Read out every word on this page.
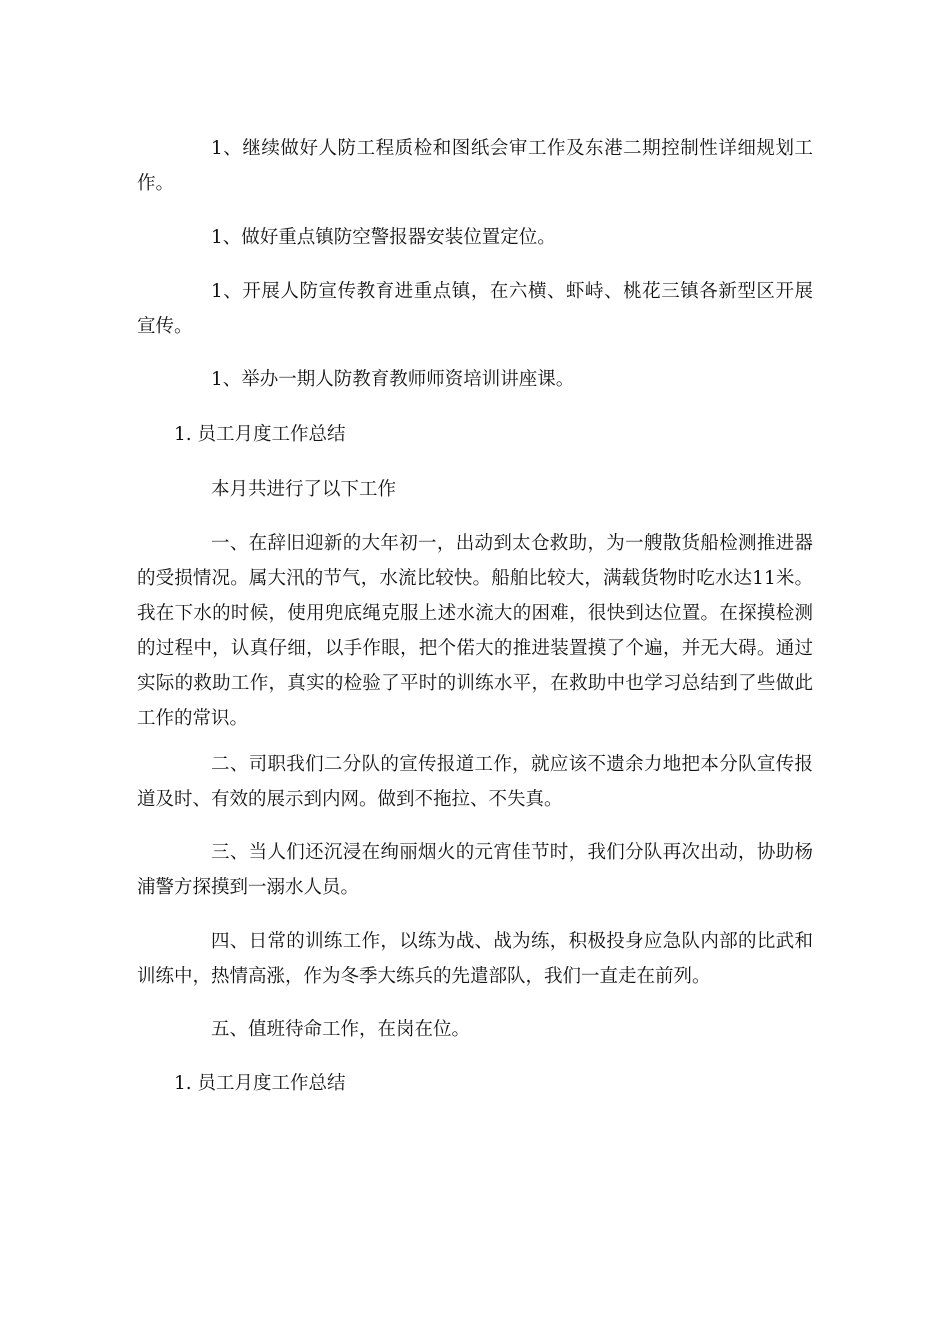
1、继续做好人防工程质检和图纸会审工作及东港二期控制性详细规划工作。

1、做好重点镇防空警报器安装位置定位。

1、开展人防宣传教育进重点镇，在六横、虾峙、桃花三镇各新型区开展宣传。

1、举办一期人防教育教师师资培训讲座课。

1. 员工月度工作总结

本月共进行了以下工作

一、在辞旧迎新的大年初一，出动到太仓救助，为一艘散货船检测推进器的受损情况。属大汛的节气，水流比较快。船舶比较大，满载货物时吃水达11米。我在下水的时候，使用兜底绳克服上述水流大的困难，很快到达位置。在探摸检测的过程中，认真仔细，以手作眼，把个偌大的推进装置摸了个遍，并无大碍。通过实际的救助工作，真实的检验了平时的训练水平，在救助中也学习总结到了些做此工作的常识。

二、司职我们二分队的宣传报道工作，就应该不遗余力地把本分队宣传报道及时、有效的展示到内网。做到不拖拉、不失真。

三、当人们还沉浸在绚丽烟火的元宵佳节时，我们分队再次出动，协助杨浦警方探摸到一溺水人员。

四、日常的训练工作，以练为战、战为练，积极投身应急队内部的比武和训练中，热情高涨，作为冬季大练兵的先遣部队，我们一直走在前列。

五、值班待命工作，在岗在位。

1. 员工月度工作总结
